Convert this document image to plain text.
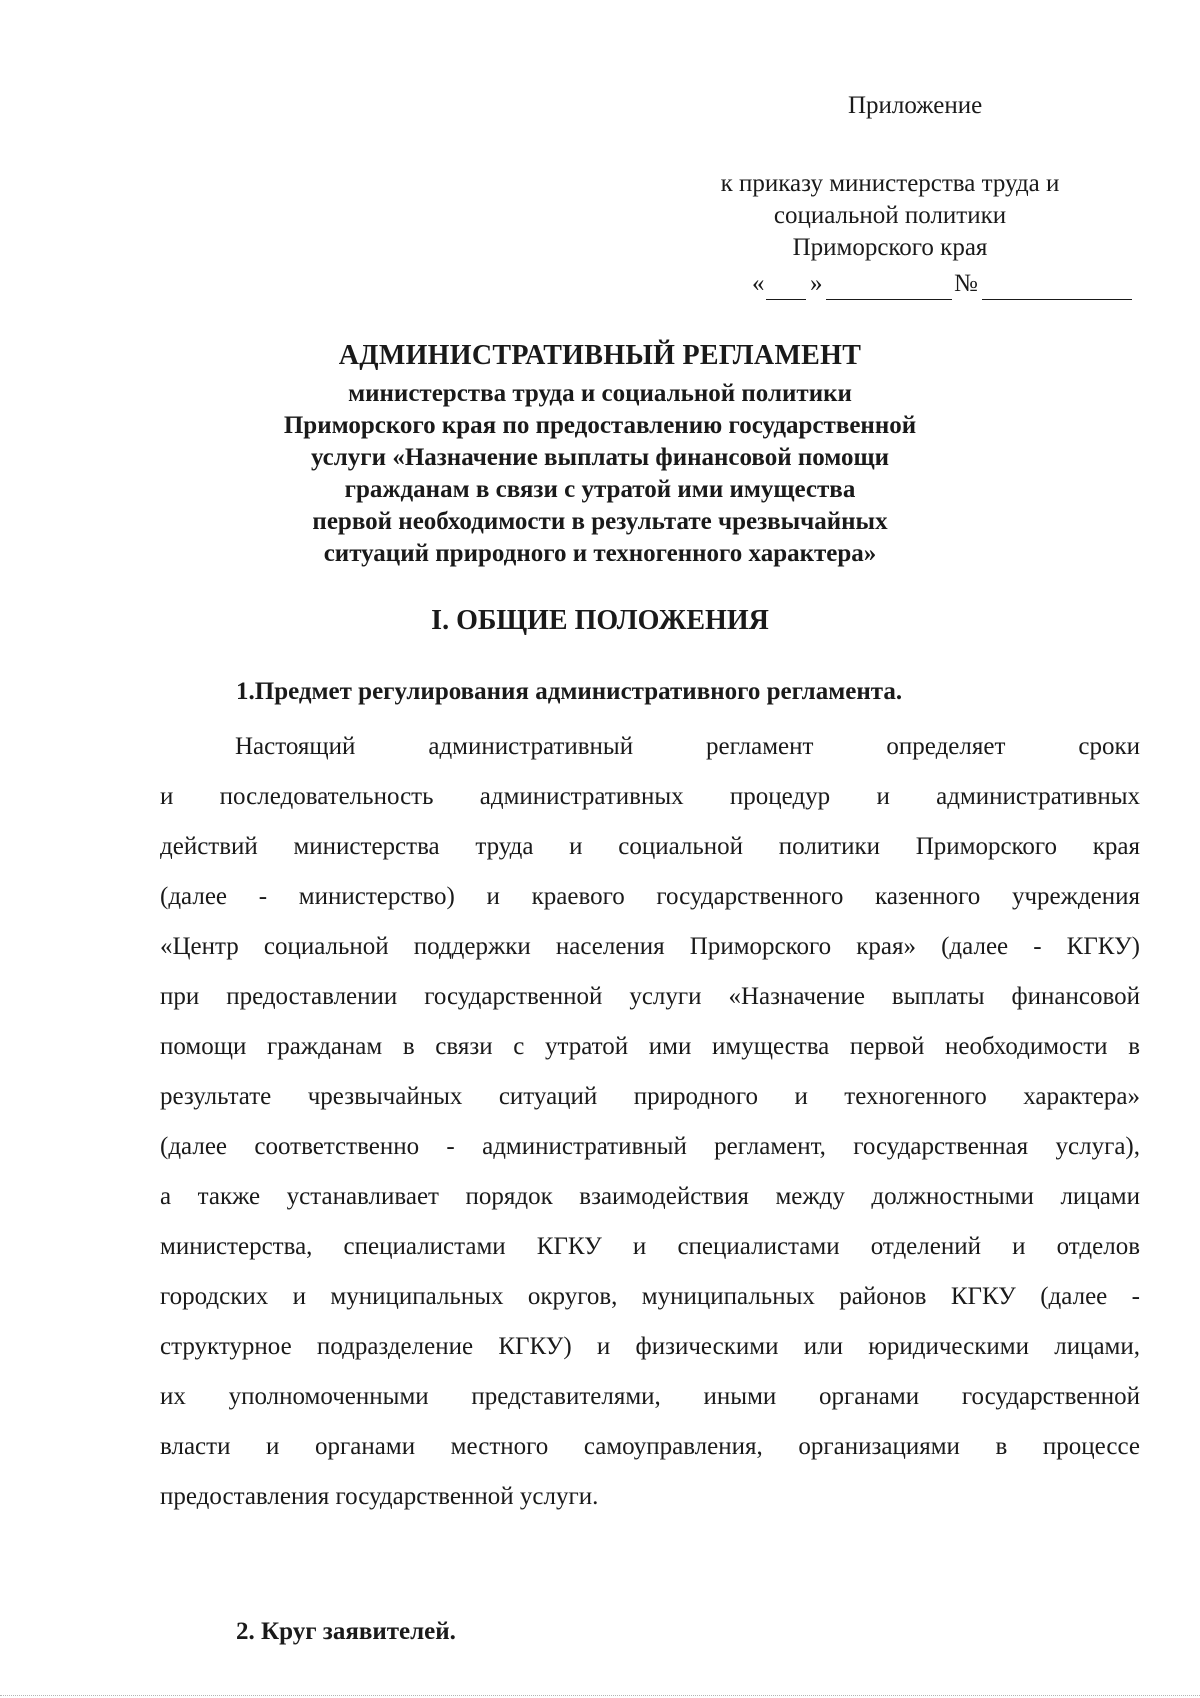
Приложение
к приказу министерства труда и
социальной политики
Приморского края
« »	№
АДМИНИСТРАТИВНЫЙ РЕГЛАМЕНТ
министерства труда и социальной политики
Приморского края по предоставлению государственной
услуги «Назначение выплаты финансовой помощи
гражданам в связи с утратой ими имущества
первой необходимости в результате чрезвычайных
ситуаций природного и техногенного характера»
I. ОБЩИЕ ПОЛОЖЕНИЯ
1.Предмет регулирования административного регламента.
Настоящий административный регламент определяет сроки
и последовательность административных процедур и административных
действий министерства труда и социальной политики Приморского края
(далее - министерство) и краевого государственного казенного учреждения
«Центр социальной поддержки населения Приморского края» (далее - КГКУ)
при предоставлении государственной услуги «Назначение выплаты финансовой
помощи гражданам в связи с утратой ими имущества первой необходимости в
результате чрезвычайных ситуаций природного и техногенного характера»
(далее соответственно - административный регламент, государственная услуга),
а также устанавливает порядок взаимодействия между должностными лицами
министерства, специалистами КГКУ и специалистами отделений и отделов
городских и муниципальных округов, муниципальных районов КГКУ (далее -
структурное подразделение КГКУ) и физическими или юридическими лицами,
их уполномоченными представителями, иными органами государственной
власти и органами местного самоуправления, организациями в процессе
предоставления государственной услуги.
2. Круг заявителей.
